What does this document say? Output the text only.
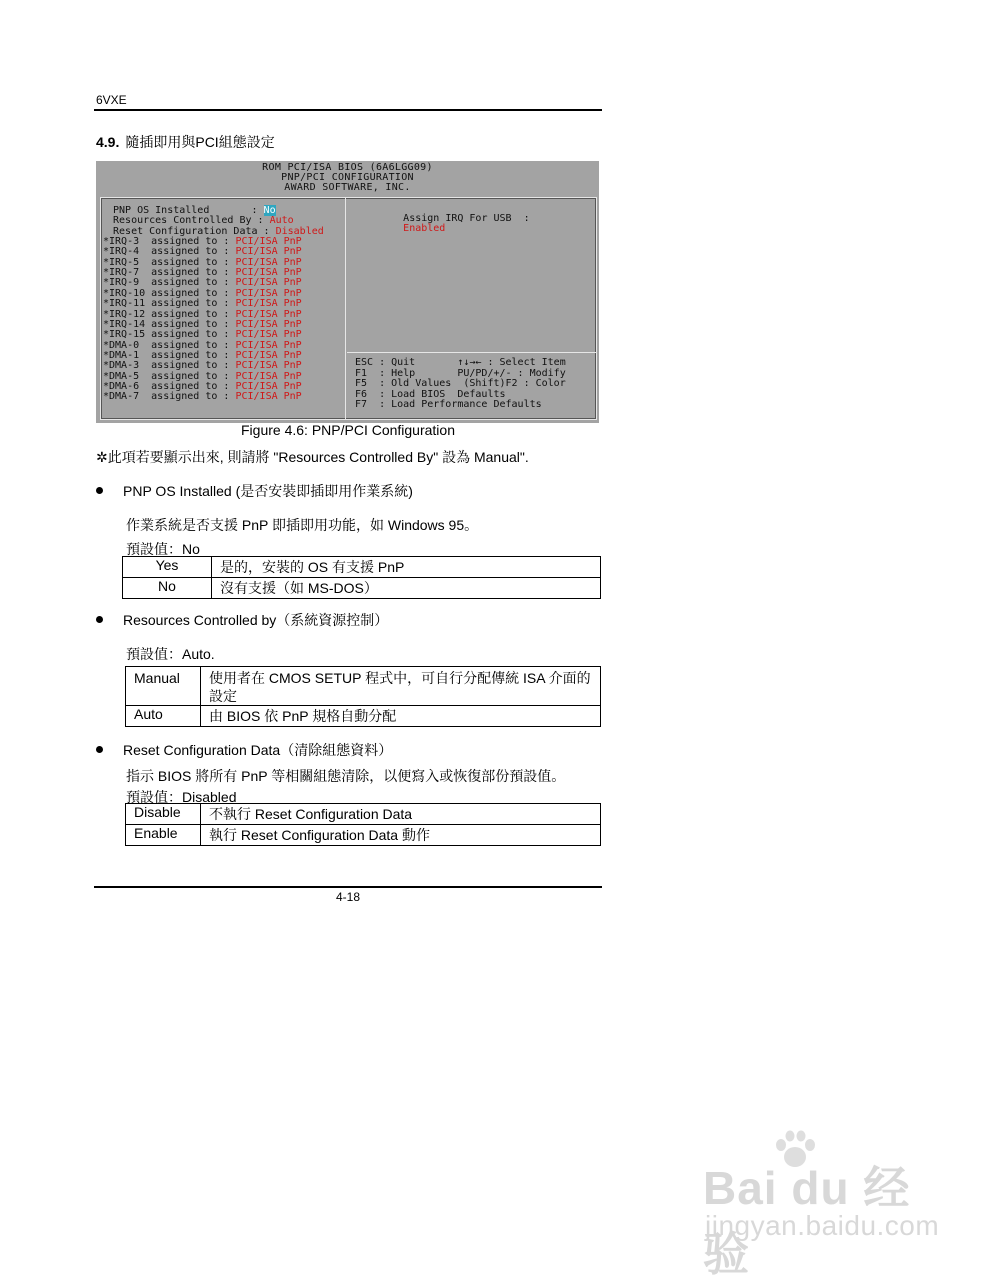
6VXE
4.9. 隨插即用與PCI組態設定
ROM PCI/ISA BIOS (6A6LGG09)
PNP/PCI CONFIGURATION
AWARD SOFTWARE, INC.
PNP OS Installed       : No
Resources Controlled By : Auto
Reset Configuration Data : Disabled
*IRQ-3  assigned to : PCI/ISA PnP
*IRQ-4  assigned to : PCI/ISA PnP
*IRQ-5  assigned to : PCI/ISA PnP
*IRQ-7  assigned to : PCI/ISA PnP
*IRQ-9  assigned to : PCI/ISA PnP
*IRQ-10 assigned to : PCI/ISA PnP
*IRQ-11 assigned to : PCI/ISA PnP
*IRQ-12 assigned to : PCI/ISA PnP
*IRQ-14 assigned to : PCI/ISA PnP
*IRQ-15 assigned to : PCI/ISA PnP
*DMA-0  assigned to : PCI/ISA PnP
*DMA-1  assigned to : PCI/ISA PnP
*DMA-3  assigned to : PCI/ISA PnP
*DMA-5  assigned to : PCI/ISA PnP
*DMA-6  assigned to : PCI/ISA PnP
*DMA-7  assigned to : PCI/ISA PnP

Assign IRQ For USB  :
Enabled

ESC : Quit       ↑↓→← : Select Item
F1  : Help       PU/PD/+/- : Modify
F5  : Old Values  (Shift)F2 : Color
F6  : Load BIOS  Defaults
F7  : Load Performance Defaults
Figure 4.6: PNP/PCI Configuration
✲此項若要顯示出來, 則請將 "Resources Controlled By" 設為 Manual".
PNP OS Installed (是否安裝即插即用作業系統)
作業系統是否支援 PnP 即插即用功能，如 Windows 95。
預設值：No
Yes	是的，安裝的 OS 有支援 PnP
No	沒有支援（如 MS-DOS）
Resources Controlled by（系統資源控制）
預設值：Auto.
Manual	使用者在 CMOS SETUP 程式中，可自行分配傳統 ISA 介面的設定
Auto	由 BIOS 依 PnP 規格自動分配
Reset Configuration Data（清除組態資料）
指示 BIOS 將所有 PnP 等相關組態清除，以便寫入或恢復部份預設值。
預設值：Disabled
Disable	不執行 Reset Configuration Data
Enable	執行 Reset Configuration Data 動作
4-18
Bai du 经验
jingyan.baidu.com
